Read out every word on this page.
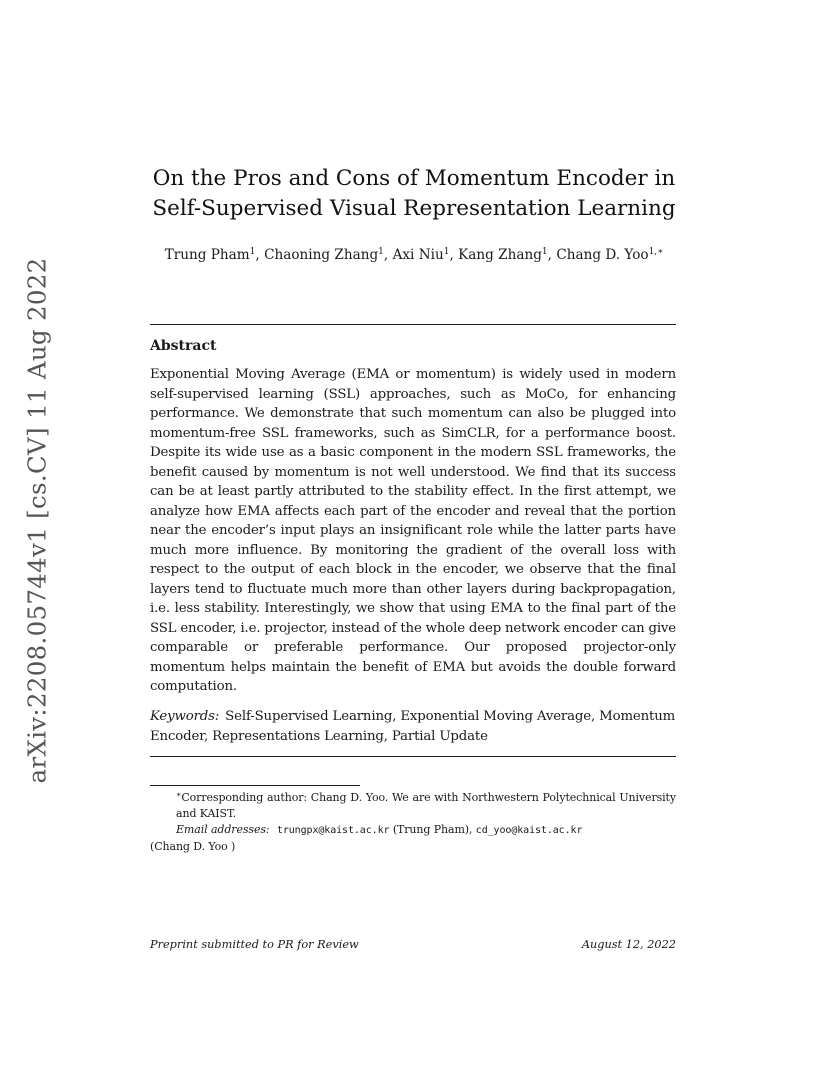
arXiv:2208.05744v1 [cs.CV] 11 Aug 2022
On the Pros and Cons of Momentum Encoder in
Self-Supervised Visual Representation Learning
Trung Pham$^1$, Chaoning Zhang$^1$, Axi Niu$^1$, Kang Zhang$^1$, Chang D. Yoo$^{1,∗}$
Abstract
Exponential Moving Average (EMA or momentum) is widely used in modern self-supervised learning (SSL) approaches, such as MoCo, for enhancing performance. We demonstrate that such momentum can also be plugged into momentum-free SSL frameworks, such as SimCLR, for a performance boost. Despite its wide use as a basic component in the modern SSL frameworks, the benefit caused by momentum is not well understood. We find that its success can be at least partly attributed to the stability effect. In the first attempt, we analyze how EMA affects each part of the encoder and reveal that the portion near the encoder’s input plays an insignificant role while the latter parts have much more influence. By monitoring the gradient of the overall loss with respect to the output of each block in the encoder, we observe that the final layers tend to fluctuate much more than other layers during backpropagation, i.e. less stability. Interestingly, we show that using EMA to the final part of the SSL encoder, i.e. projector, instead of the whole deep network encoder can give comparable or preferable performance. Our proposed projector-only momentum helps maintain the benefit of EMA but avoids the double forward computation.
Keywords: Self-Supervised Learning, Exponential Moving Average, Momentum Encoder, Representations Learning, Partial Update
∗Corresponding author: Chang D. Yoo. We are with Northwestern Polytechnical University and KAIST.
Email addresses: trungpx@kaist.ac.kr (Trung Pham), cd_yoo@kaist.ac.kr
(Chang D. Yoo )
Preprint submitted to PR for Review	August 12, 2022
